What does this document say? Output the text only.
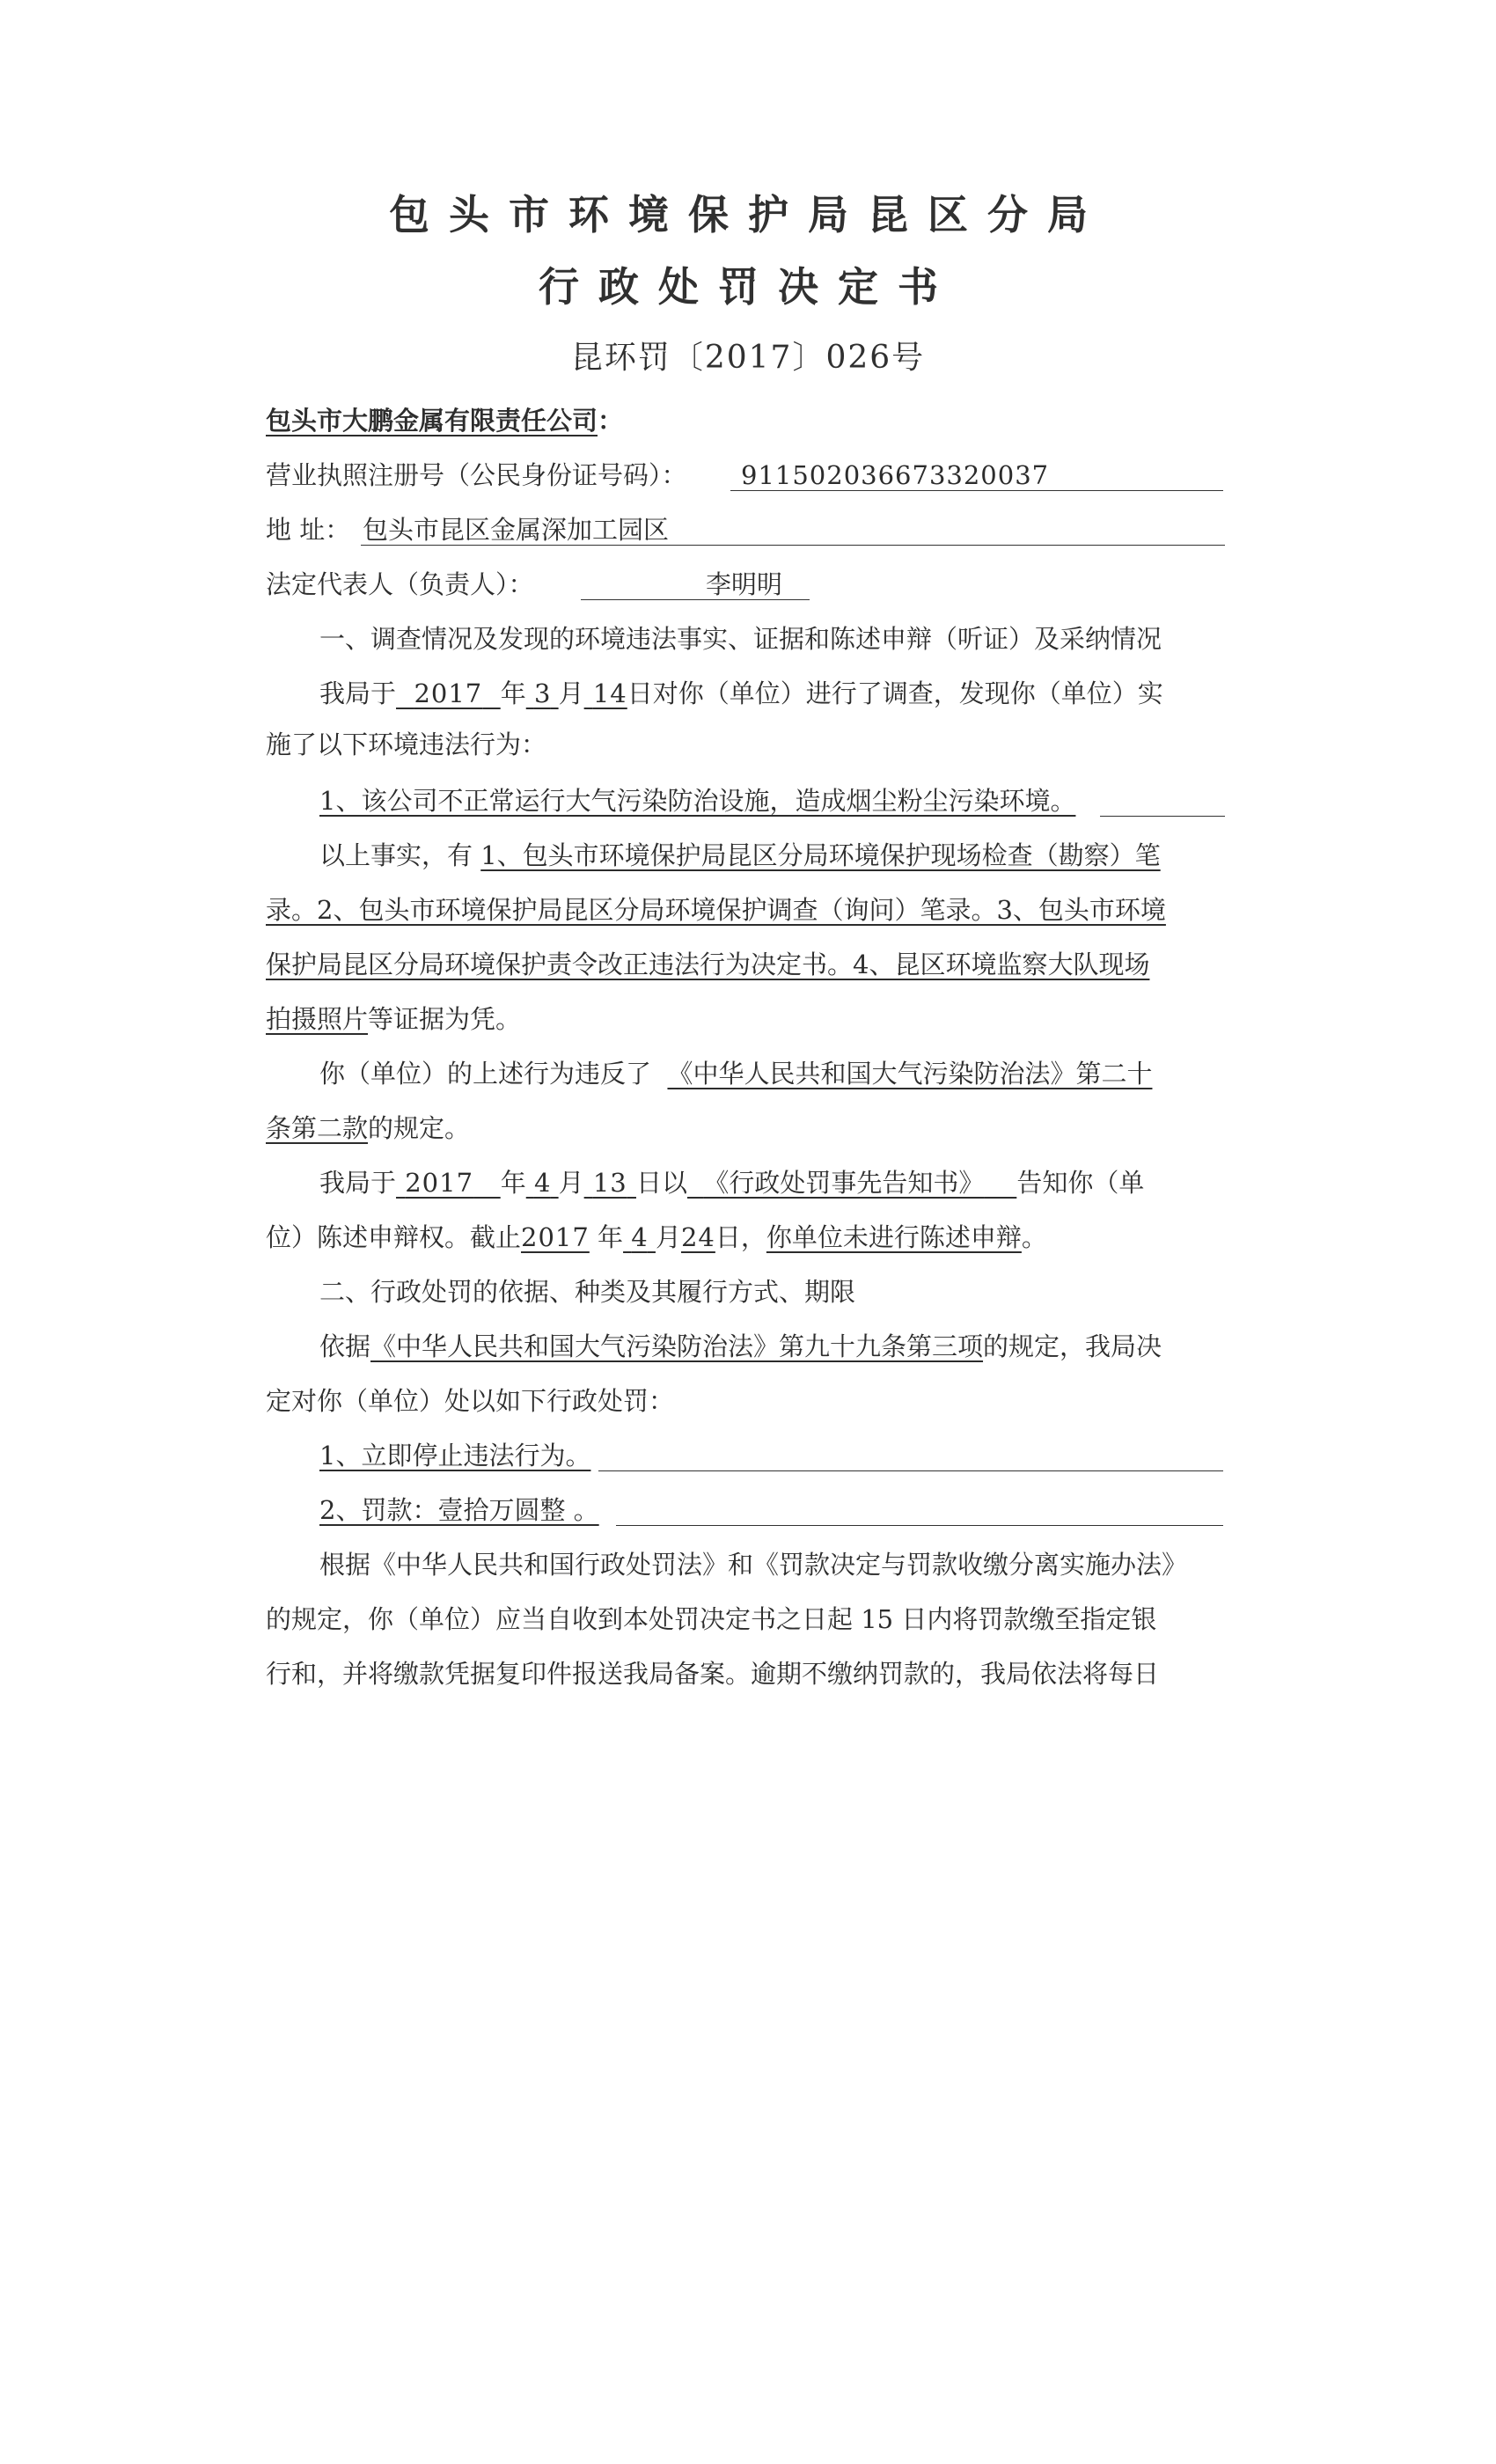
包头市环境保护局昆区分局
行政处罚决定书
昆环罚〔2017〕026号
包头市大鹏金属有限责任公司：
营业执照注册号（公民身份证号码）： 911502036673320037
地 址： 包头市昆区金属深加工园区
法定代表人（负责人）：	李明明
一、调查情况及发现的环境违法事实、证据和陈述申辩（听证）及采纳情况
我局于 2017 年 3 月 14日对你（单位）进行了调查，发现你（单位）实
施了以下环境违法行为：
1、该公司不正常运行大气污染防治设施，造成烟尘粉尘污染环境。
以上事实，有 1、包头市环境保护局昆区分局环境保护现场检查（勘察）笔
录。2、包头市环境保护局昆区分局环境保护调查（询问）笔录。3、包头市环境
保护局昆区分局环境保护责令改正违法行为决定书。4、昆区环境监察大队现场
拍摄照片等证据为凭。
你（单位）的上述行为违反了 《中华人民共和国大气污染防治法》第二十
条第二款的规定。
我局于 2017 年 4 月 13 日以 《行政处罚事先告知书》 告知你（单
位）陈述申辩权。截止2017 年 4 月24日，你单位未进行陈述申辩。
二、行政处罚的依据、种类及其履行方式、期限
依据《中华人民共和国大气污染防治法》第九十九条第三项的规定，我局决
定对你（单位）处以如下行政处罚：
1、立即停止违法行为。
2、罚款：壹拾万圆整 。
根据《中华人民共和国行政处罚法》和《罚款决定与罚款收缴分离实施办法》
的规定，你（单位）应当自收到本处罚决定书之日起 15 日内将罚款缴至指定银
行和，并将缴款凭据复印件报送我局备案。逾期不缴纳罚款的，我局依法将每日
